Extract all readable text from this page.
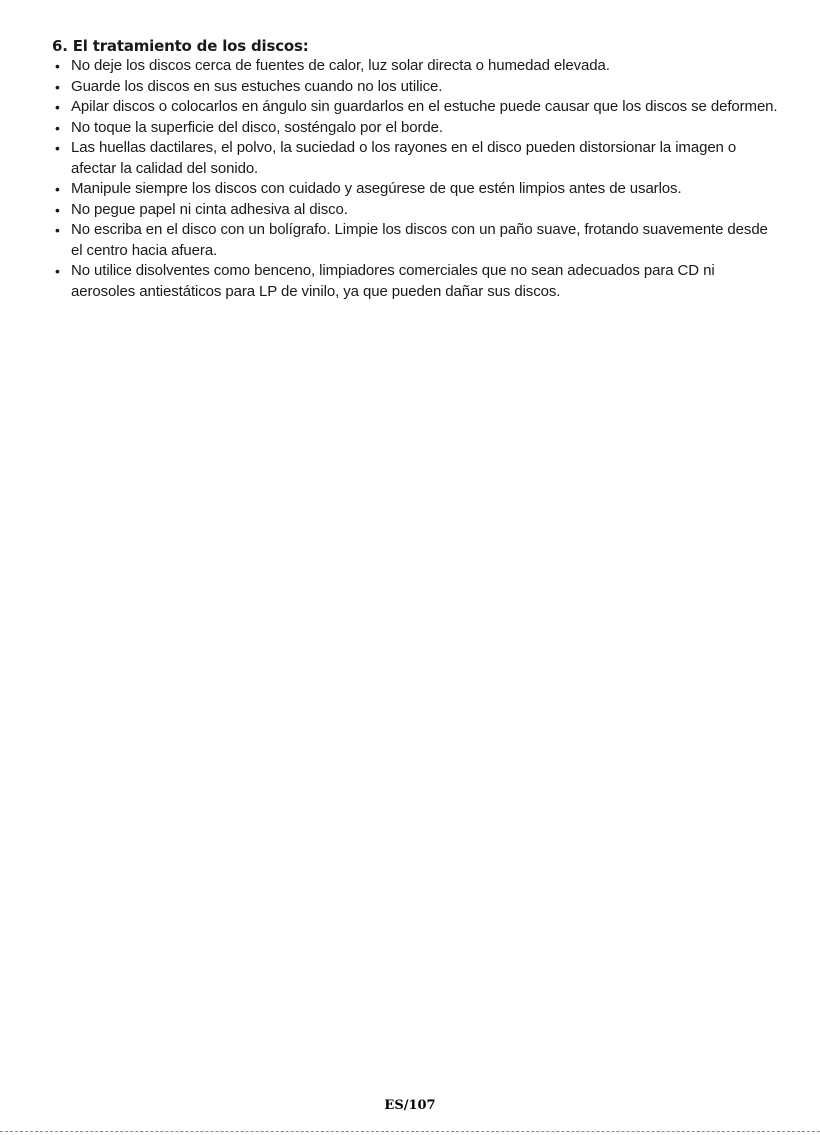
6. El tratamiento de los discos:
• No deje los discos cerca de fuentes de calor, luz solar directa o humedad elevada.
• Guarde los discos en sus estuches cuando no los utilice.
• Apilar discos o colocarlos en ángulo sin guardarlos en el estuche puede causar que los discos se deformen.
• No toque la superficie del disco, sosténgalo por el borde.
• Las huellas dactilares, el polvo, la suciedad o los rayones en el disco pueden distorsionar la imagen o afectar la calidad del sonido.
• Manipule siempre los discos con cuidado y asegúrese de que estén limpios antes de usarlos.
• No pegue papel ni cinta adhesiva al disco.
• No escriba en el disco con un bolígrafo. Limpie los discos con un paño suave, frotando suavemente desde el centro hacia afuera.
• No utilice disolventes como benceno, limpiadores comerciales que no sean adecuados para CD ni aerosoles antiestáticos para LP de vinilo, ya que pueden dañar sus discos.
ES/107
